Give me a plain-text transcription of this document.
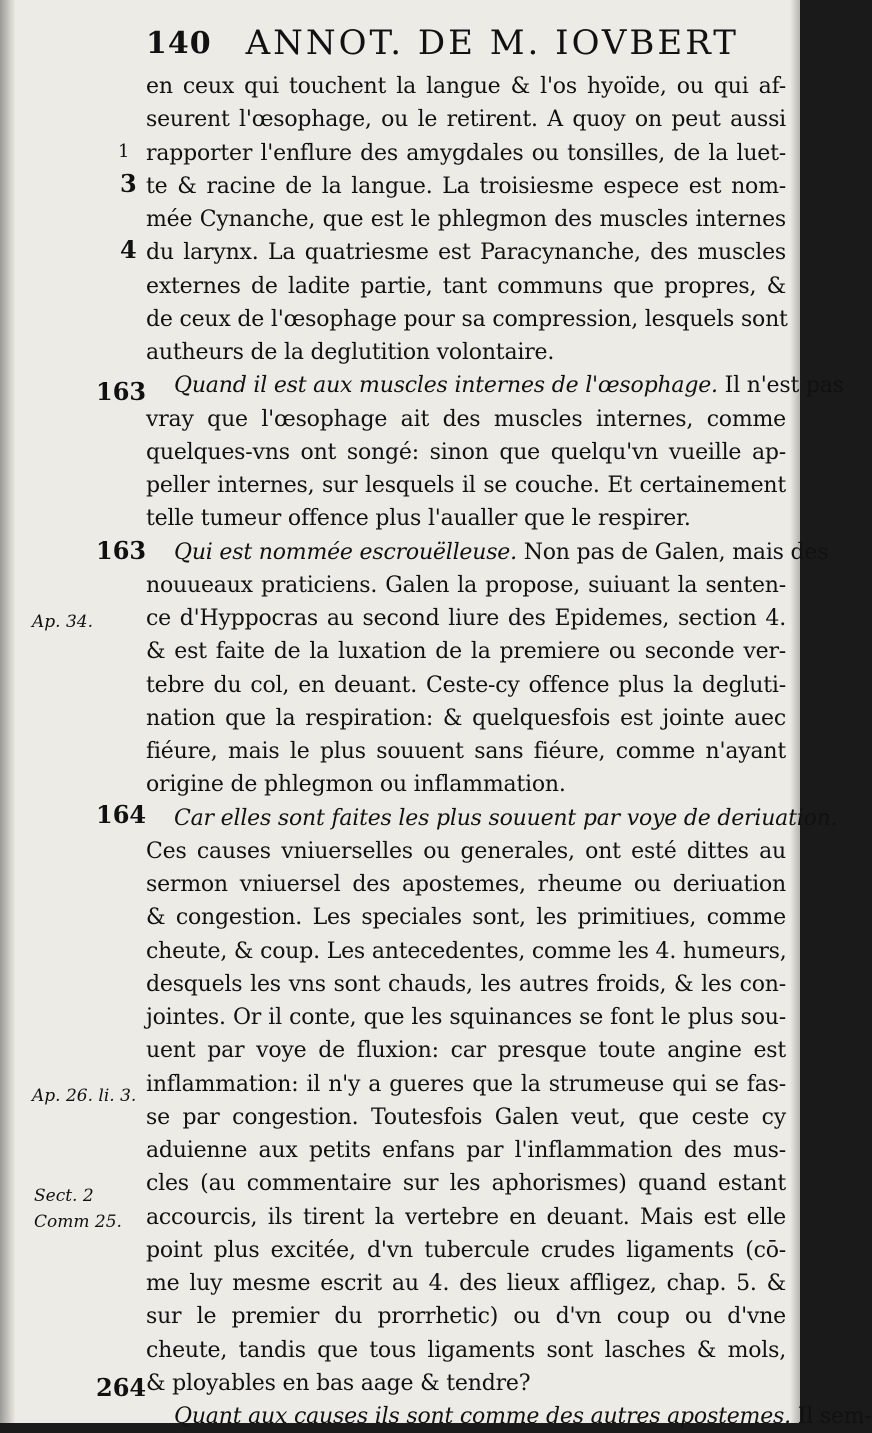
140 ANNOT. DE M. IOVBERT
1
3
4
163
163
164
264
Ap. 34.
Ap. 26. li. 3.
Sect. 2
Comm 25.
en ceux qui touchent la langue & l'os hyoïde, ou qui af-
seurent l'œsophage, ou le retirent. A quoy on peut aussi
rapporter l'enflure des amygdales ou tonsilles, de la luet-
te & racine de la langue. La troisiesme espece est nom-
mée Cynanche, que est le phlegmon des muscles internes
du larynx. La quatriesme est Paracynanche, des muscles
externes de ladite partie, tant communs que propres, &
de ceux de l'œsophage pour sa compression, lesquels sont
autheurs de la deglutition volontaire.
Quand il est aux muscles internes de l'œsophage. Il n'est pas
vray que l'œsophage ait des muscles internes, comme
quelques-vns ont songé: sinon que quelqu'vn vueille ap-
peller internes, sur lesquels il se couche. Et certainement
telle tumeur offence plus l'aualler que le respirer.
Qui est nommée escrouëlleuse. Non pas de Galen, mais des
nouueaux praticiens. Galen la propose, suiuant la senten-
ce d'Hyppocras au second liure des Epidemes, section 4.
& est faite de la luxation de la premiere ou seconde ver-
tebre du col, en deuant. Ceste-cy offence plus la degluti-
nation que la respiration: & quelquesfois est jointe auec
fiéure, mais le plus souuent sans fiéure, comme n'ayant
origine de phlegmon ou inflammation.
Car elles sont faites les plus souuent par voye de deriuation.
Ces causes vniuerselles ou generales, ont esté dittes au
sermon vniuersel des apostemes, rheume ou deriuation
& congestion. Les speciales sont, les primitiues, comme
cheute, & coup. Les antecedentes, comme les 4. humeurs,
desquels les vns sont chauds, les autres froids, & les con-
jointes. Or il conte, que les squinances se font le plus sou-
uent par voye de fluxion: car presque toute angine est
inflammation: il n'y a gueres que la strumeuse qui se fas-
se par congestion. Toutesfois Galen veut, que ceste cy
aduienne aux petits enfans par l'inflammation des mus-
cles (au commentaire sur les aphorismes) quand estant
accourcis, ils tirent la vertebre en deuant. Mais est elle
point plus excitée, d'vn tubercule crudes ligaments (cō-
me luy mesme escrit au 4. des lieux affligez, chap. 5. &
sur le premier du prorrhetic) ou d'vn coup ou d'vne
cheute, tandis que tous ligaments sont lasches & mols,
& ployables en bas aage & tendre?
Quant aux causes ils sont comme des autres apostemes. Il sem-
